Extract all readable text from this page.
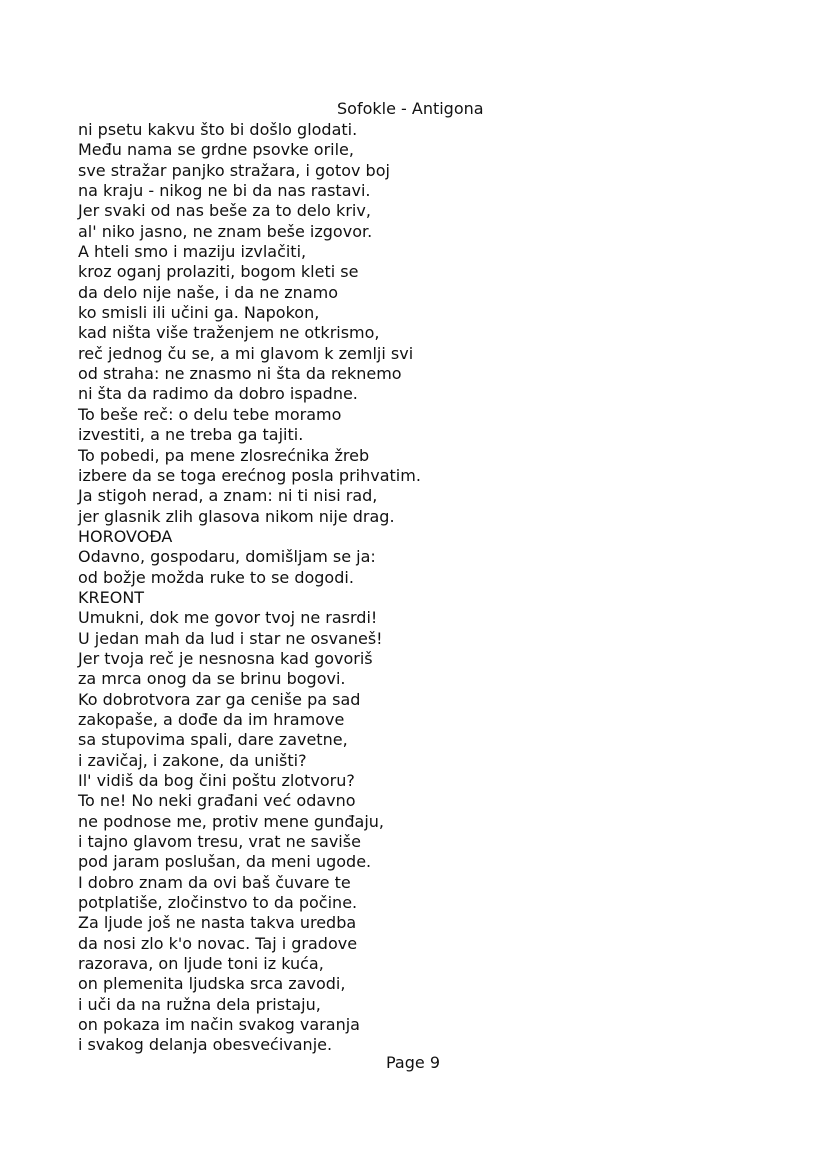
Sofokle - Antigona
ni psetu kakvu što bi došlo glodati.
Među nama se grdne psovke orile,
sve stražar panjko stražara, i gotov boj
na kraju - nikog ne bi da nas rastavi.
Jer svaki od nas beše za to delo kriv,
al' niko jasno, ne znam beše izgovor.
A hteli smo i maziju izvlačiti,
kroz oganj prolaziti, bogom kleti se
da delo nije naše, i da ne znamo
ko smisli ili učini ga. Napokon,
kad ništa više traženjem ne otkrismo,
reč jednog ču se, a mi glavom k zemlji svi
od straha: ne znasmo ni šta da reknemo
ni šta da radimo da dobro ispadne.
To beše reč: o delu tebe moramo
izvestiti, a ne treba ga tajiti.
To pobedi, pa mene zlosrećnika žreb
izbere da se toga erećnog posla prihvatim.
Ja stigoh nerad, a znam: ni ti nisi rad,
jer glasnik zlih glasova nikom nije drag.
HOROVOĐA
Odavno, gospodaru, domišljam se ja:
od božje možda ruke to se dogodi.
KREONT
Umukni, dok me govor tvoj ne rasrdi!
U jedan mah da lud i star ne osvaneš!
Jer tvoja reč je nesnosna kad govoriš
za mrca onog da se brinu bogovi.
Ko dobrotvora zar ga ceniše pa sad
zakopaše, a dođe da im hramove
sa stupovima spali, dare zavetne,
i zavičaj, i zakone, da uništi?
Il' vidiš da bog čini poštu zlotvoru?
To ne! No neki građani već odavno
ne podnose me, protiv mene gunđaju,
i tajno glavom tresu, vrat ne saviše
pod jaram poslušan, da meni ugode.
I dobro znam da ovi baš čuvare te
potplatiše, zločinstvo to da počine.
Za ljude još ne nasta takva uredba
da nosi zlo k'o novac. Taj i gradove
razorava, on ljude toni iz kuća,
on plemenita ljudska srca zavodi,
i uči da na ružna dela pristaju,
on pokaza im način svakog varanja
i svakog delanja obesvećivanje.
Page 9
